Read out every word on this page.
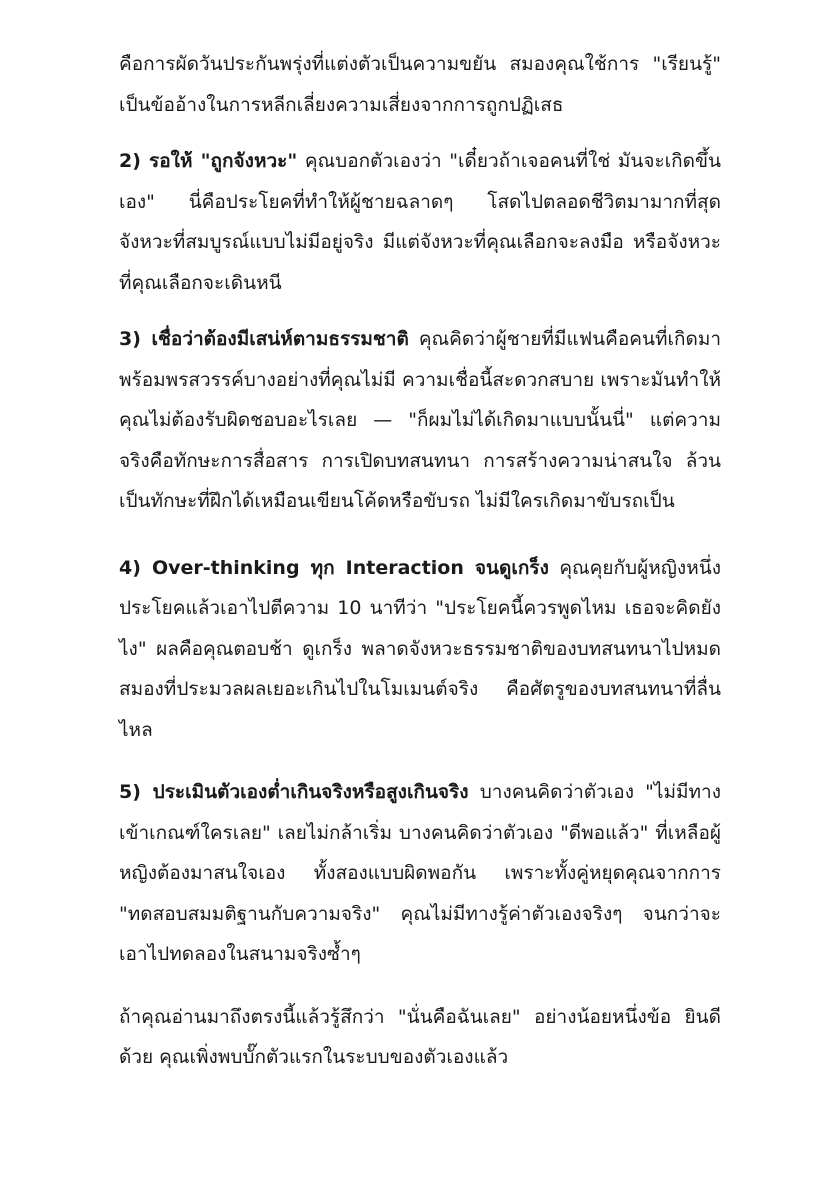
คือการผัดวันประกันพรุ่งที่แต่งตัวเป็นความขยัน สมองคุณใช้การ "เรียนรู้" เป็นข้ออ้างในการหลีกเลี่ยงความเสี่ยงจากการถูกปฏิเสธ

2) รอให้ "ถูกจังหวะ" คุณบอกตัวเองว่า "เดี๋ยวถ้าเจอคนที่ใช่ มันจะเกิดขึ้นเอง" นี่คือประโยคที่ทำให้ผู้ชายฉลาดๆ โสดไปตลอดชีวิตมามากที่สุด จังหวะที่สมบูรณ์แบบไม่มีอยู่จริง มีแต่จังหวะที่คุณเลือกจะลงมือ หรือจังหวะที่คุณเลือกจะเดินหนี

3) เชื่อว่าต้องมีเสน่ห์ตามธรรมชาติ คุณคิดว่าผู้ชายที่มีแฟนคือคนที่เกิดมาพร้อมพรสวรรค์บางอย่างที่คุณไม่มี ความเชื่อนี้สะดวกสบาย เพราะมันทำให้คุณไม่ต้องรับผิดชอบอะไรเลย — "ก็ผมไม่ได้เกิดมาแบบนั้นนี่" แต่ความจริงคือทักษะการสื่อสาร การเปิดบทสนทนา การสร้างความน่าสนใจ ล้วนเป็นทักษะที่ฝึกได้เหมือนเขียนโค้ดหรือขับรถ ไม่มีใครเกิดมาขับรถเป็น

4) Over-thinking ทุก Interaction จนดูเกร็ง คุณคุยกับผู้หญิงหนึ่งประโยคแล้วเอาไปตีความ 10 นาทีว่า "ประโยคนี้ควรพูดไหม เธอจะคิดยังไง" ผลคือคุณตอบช้า ดูเกร็ง พลาดจังหวะธรรมชาติของบทสนทนาไปหมด สมองที่ประมวลผลเยอะเกินไปในโมเมนต์จริง คือศัตรูของบทสนทนาที่ลื่นไหล

5) ประเมินตัวเองต่ำเกินจริงหรือสูงเกินจริง บางคนคิดว่าตัวเอง "ไม่มีทางเข้าเกณฑ์ใครเลย" เลยไม่กล้าเริ่ม บางคนคิดว่าตัวเอง "ดีพอแล้ว" ที่เหลือผู้หญิงต้องมาสนใจเอง ทั้งสองแบบผิดพอกัน เพราะทั้งคู่หยุดคุณจากการ "ทดสอบสมมติฐานกับความจริง" คุณไม่มีทางรู้ค่าตัวเองจริงๆ จนกว่าจะเอาไปทดลองในสนามจริงซ้ำๆ

ถ้าคุณอ่านมาถึงตรงนี้แล้วรู้สึกว่า "นั่นคือฉันเลย" อย่างน้อยหนึ่งข้อ ยินดีด้วย คุณเพิ่งพบบั๊กตัวแรกในระบบของตัวเองแล้ว
